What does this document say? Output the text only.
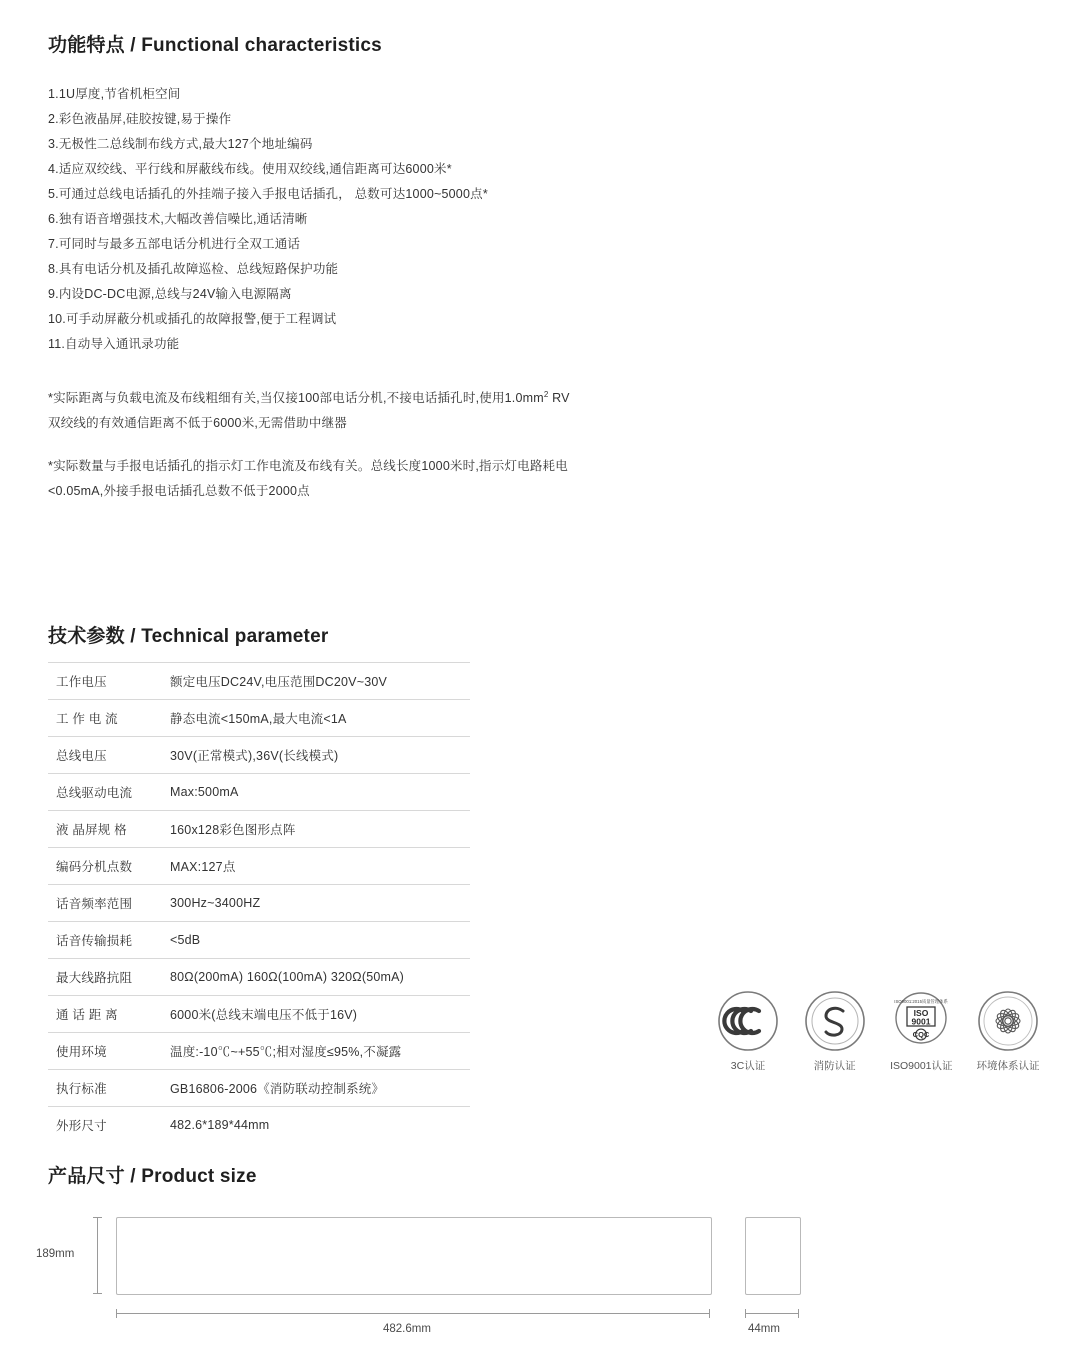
功能特点 / Functional characteristics
1.1U厚度,节省机柜空间
2.彩色液晶屏,硅胶按键,易于操作
3.无极性二总线制布线方式,最大127个地址编码
4.适应双绞线、平行线和屏蔽线布线。使用双绞线,通信距离可达6000米*
5.可通过总线电话插孔的外挂端子接入手报电话插孔， 总数可达1000~5000点*
6.独有语音增强技术,大幅改善信噪比,通话清晰
7.可同时与最多五部电话分机进行全双工通话
8.具有电话分机及插孔故障巡检、总线短路保护功能
9.内设DC-DC电源,总线与24V输入电源隔离
10.可手动屏蔽分机或插孔的故障报警,便于工程调试
11.自动导入通讯录功能
*实际距离与负载电流及布线粗细有关,当仅接100部电话分机,不接电话插孔时,使用$1.0mm^2$ RV
双绞线的有效通信距离不低于6000米,无需借助中继器
*实际数量与手报电话插孔的指示灯工作电流及布线有关。总线长度1000米时,指示灯电路耗电
<0.05mA,外接手报电话插孔总数不低于2000点
技术参数 / Technical parameter
工作电压	额定电压DC24V,电压范围DC20V~30V
工 作 电 流	静态电流<150mA,最大电流<1A
总线电压	30V(正常模式),36V(长线模式)
总线驱动电流	Max:500mA
液 晶屏规 格	160x128彩色图形点阵
编码分机点数	MAX:127点
话音频率范围	300Hz~3400HZ
话音传输损耗	<5dB
最大线路抗阻	80Ω(200mA) 160Ω(100mA) 320Ω(50mA)
通 话 距 离	6000米(总线末端电压不低于16V)
使用环境	温度:-10℃~+55℃;相对湿度≤95%,不凝露
执行标准	GB16806-2006《消防联动控制系统》
外形尺寸	482.6*189*44mm
3C认证	消防认证
ISO9001:2015质量管理体系
ISO
9001
CQC
ISO9001认证	环境体系认证
产品尺寸 / Product size
189mm
482.6mm	44mm
